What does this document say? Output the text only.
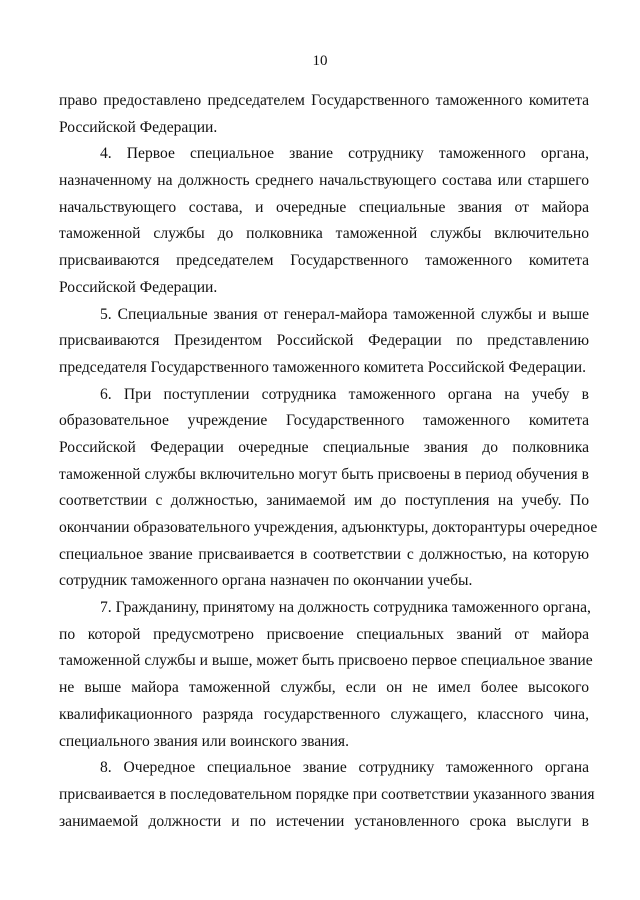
10
право предоставлено председателем Государственного таможенного комитета
Российской Федерации.
4. Первое специальное звание сотруднику таможенного органа,
назначенному на должность среднего начальствующего состава или старшего
начальствующего состава, и очередные специальные звания от майора
таможенной службы до полковника таможенной службы включительно
присваиваются председателем Государственного таможенного комитета
Российской Федерации.
5. Специальные звания от генерал-майора таможенной службы и выше
присваиваются Президентом Российской Федерации по представлению
председателя Государственного таможенного комитета Российской Федерации.
6. При поступлении сотрудника таможенного органа на учебу в
образовательное учреждение Государственного таможенного комитета
Российской Федерации очередные специальные звания до полковника
таможенной службы включительно могут быть присвоены в период обучения в
соответствии с должностью, занимаемой им до поступления на учебу. По
окончании образовательного учреждения, адъюнктуры, докторантуры очередное
специальное звание присваивается в соответствии с должностью, на которую
сотрудник таможенного органа назначен по окончании учебы.
7. Гражданину, принятому на должность сотрудника таможенного органа,
по которой предусмотрено присвоение специальных званий от майора
таможенной службы и выше, может быть присвоено первое специальное звание
не выше майора таможенной службы, если он не имел более высокого
квалификационного разряда государственного служащего, классного чина,
специального звания или воинского звания.
8. Очередное специальное звание сотруднику таможенного органа
присваивается в последовательном порядке при соответствии указанного звания
занимаемой должности и по истечении установленного срока выслуги в
